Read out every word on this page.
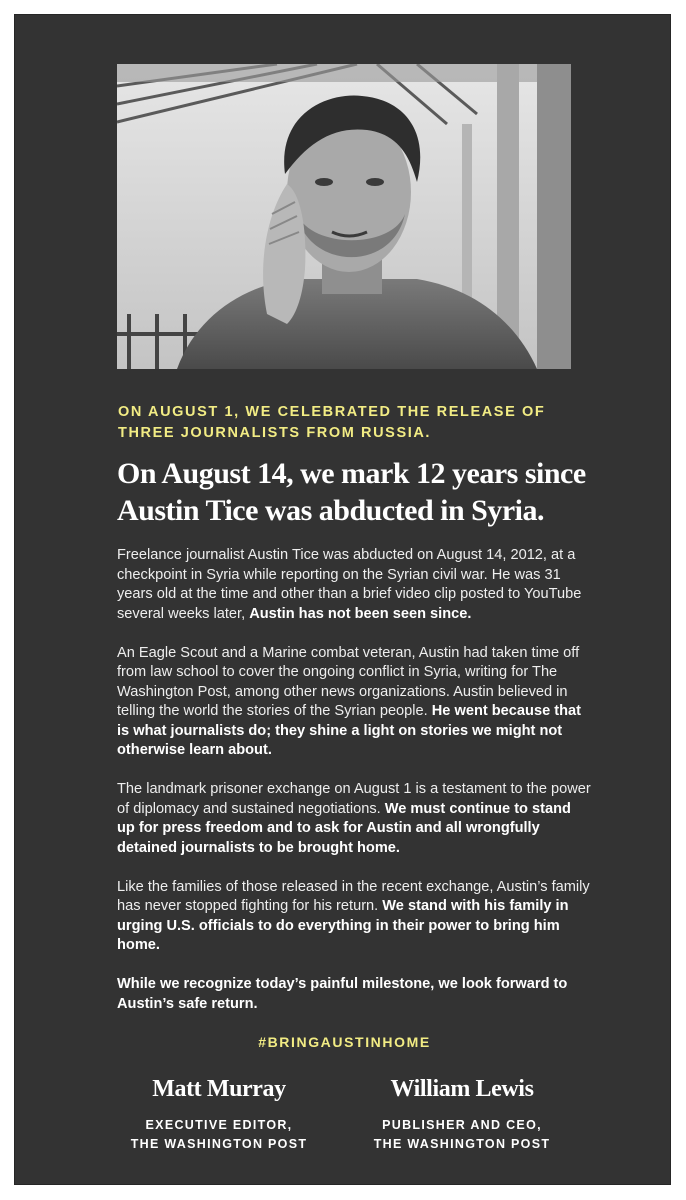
ON AUGUST 1, WE CELEBRATED THE RELEASE OF
THREE JOURNALISTS FROM RUSSIA.
On August 14, we mark 12 years since
Austin Tice was abducted in Syria.

Freelance journalist Austin Tice was abducted on August 14, 2012, at a checkpoint in Syria while reporting on the Syrian civil war. He was 31 years old at the time and other than a brief video clip posted to YouTube several weeks later, Austin has not been seen since.

An Eagle Scout and a Marine combat veteran, Austin had taken time off from law school to cover the ongoing conflict in Syria, writing for The Washington Post, among other news organizations. Austin believed in telling the world the stories of the Syrian people. He went because that is what journalists do; they shine a light on stories we might not otherwise learn about.

The landmark prisoner exchange on August 1 is a testament to the power of diplomacy and sustained negotiations. We must continue to stand up for press freedom and to ask for Austin and all wrongfully detained journalists to be brought home.

Like the families of those released in the recent exchange, Austin’s family has never stopped fighting for his return. We stand with his family in urging U.S. officials to do everything in their power to bring him home.

While we recognize today’s painful milestone, we look forward to Austin’s safe return.

#BRINGAUSTINHOME
Matt Murray
EXECUTIVE EDITOR,
THE WASHINGTON POST
William Lewis
PUBLISHER AND CEO,
THE WASHINGTON POST
